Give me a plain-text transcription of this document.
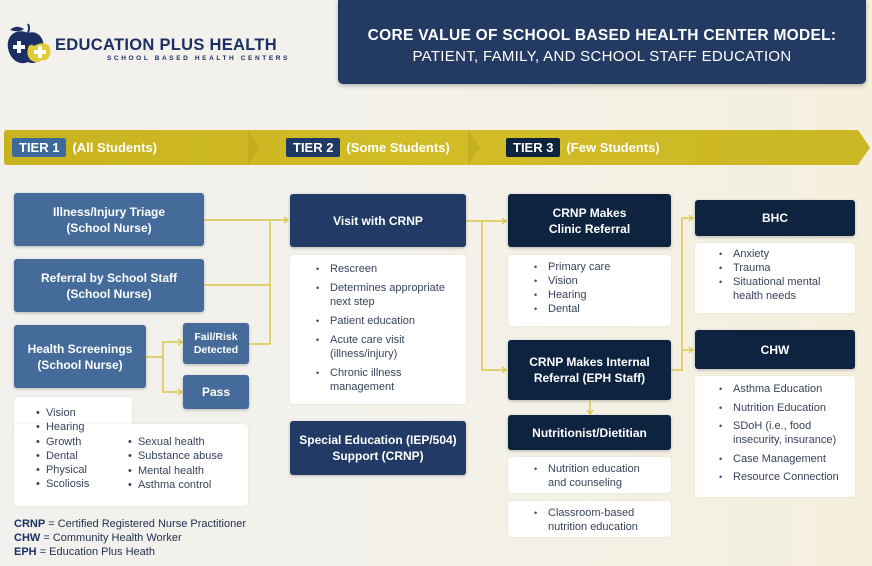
EDUCATION PLUS HEALTH
SCHOOL BASED HEALTH CENTERS
CORE VALUE OF SCHOOL BASED HEALTH CENTER MODEL:
PATIENT, FAMILY, AND SCHOOL STAFF EDUCATION
TIER 1	(All Students)	TIER 2	(Some Students)	TIER 3	(Few Students)
Illness/Injury Triage
(School Nurse)
Referral by School Staff
(School Nurse)
Health Screenings
(School Nurse)
Fail/Risk
Detected
Pass
•  Vision
•  Hearing
•  Growth
•  Dental
•  Physical
•  Scoliosis
•  Sexual health
•  Substance abuse
•  Mental health
•  Asthma control
CRNP = Certified Registered Nurse Practitioner
CHW = Community Health Worker
EPH = Education Plus Heath
Visit with CRNP
• Rescreen
• Determines appropriate next step
• Patient education
• Acute care visit (illness/injury)
• Chronic illness management
Special Education (IEP/504)
Support (CRNP)
CRNP Makes
Clinic Referral
• Primary care
• Vision
• Hearing
• Dental
CRNP Makes Internal
Referral (EPH Staff)
Nutritionist/Dietitian
• Nutrition education and counseling
• Classroom-based nutrition education
BHC
• Anxiety
• Trauma
• Situational mental health needs
CHW
• Asthma Education
• Nutrition Education
• SDoH (i.e., food insecurity, insurance)
• Case Management
• Resource Connection
